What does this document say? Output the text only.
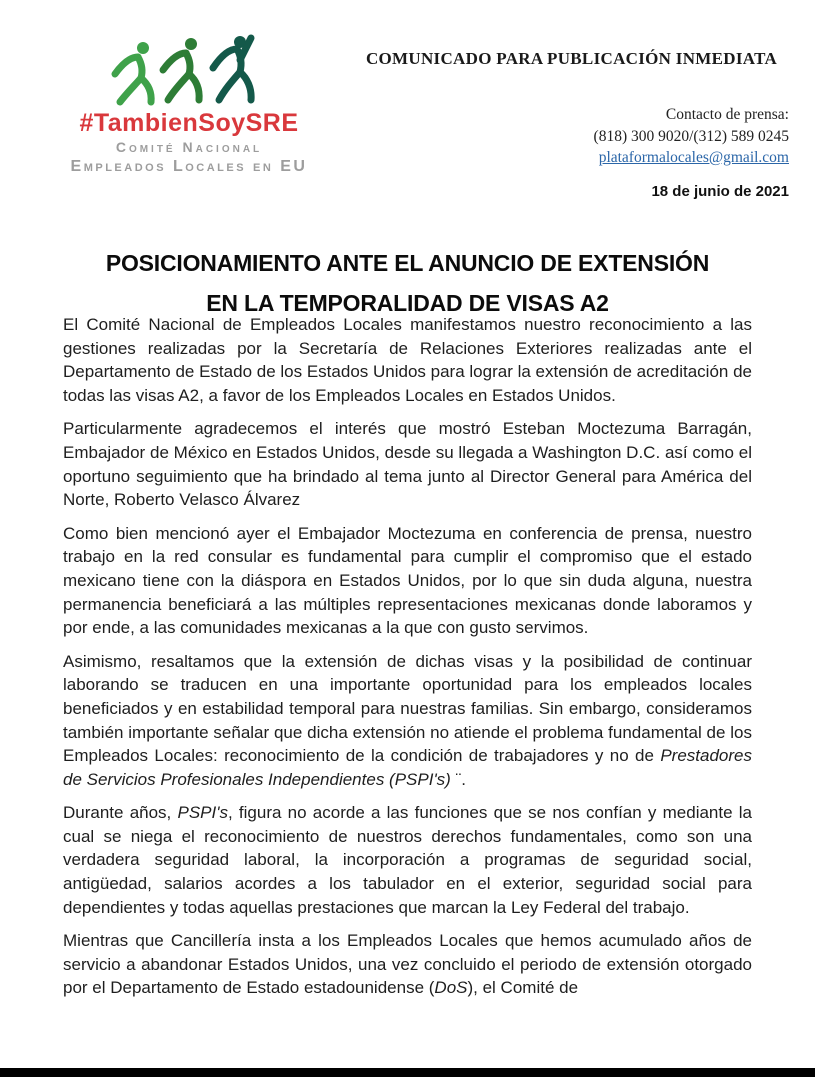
#TambienSoySRE
Comité Nacional
Empleados Locales en EU
COMUNICADO PARA PUBLICACIÓN INMEDIATA
Contacto de prensa:
(818) 300 9020/(312) 589 0245
plataformalocales@gmail.com
18 de junio de 2021
POSICIONAMIENTO ANTE EL ANUNCIO DE EXTENSIÓN
EN LA TEMPORALIDAD DE VISAS A2

El Comité Nacional de Empleados Locales manifestamos nuestro reconocimiento a las gestiones realizadas por la Secretaría de Relaciones Exteriores realizadas ante el Departamento de Estado de los Estados Unidos para lograr la extensión de acreditación de todas las visas A2, a favor de los Empleados Locales en Estados Unidos.

Particularmente agradecemos el interés que mostró Esteban Moctezuma Barragán, Embajador de México en Estados Unidos, desde su llegada a Washington D.C. así como el oportuno seguimiento que ha brindado al tema junto al Director General para América del Norte, Roberto Velasco Álvarez

Como bien mencionó ayer el Embajador Moctezuma en conferencia de prensa, nuestro trabajo en la red consular es fundamental para cumplir el compromiso que el estado mexicano tiene con la diáspora en Estados Unidos, por lo que sin duda alguna, nuestra permanencia beneficiará a las múltiples representaciones mexicanas donde laboramos y por ende, a las comunidades mexicanas a la que con gusto servimos.

Asimismo, resaltamos que la extensión de dichas visas y la posibilidad de continuar laborando se traducen en una importante oportunidad para los empleados locales beneficiados y en estabilidad temporal para nuestras familias. Sin embargo, consideramos también importante señalar que dicha extensión no atiende el problema fundamental de los Empleados Locales: reconocimiento de la condición de trabajadores y no de Prestadores de Servicios Profesionales Independientes (PSPI's) ¨.

Durante años, PSPI's, figura no acorde a las funciones que se nos confían y mediante la cual se niega el reconocimiento de nuestros derechos fundamentales, como son una verdadera seguridad laboral, la incorporación a programas de seguridad social, antigüedad, salarios acordes a los tabulador en el exterior, seguridad social para dependientes y todas aquellas prestaciones que marcan la Ley Federal del trabajo.

Mientras que Cancillería insta a los Empleados Locales que hemos acumulado años de servicio a abandonar Estados Unidos, una vez concluido el periodo de extensión otorgado por el Departamento de Estado estadounidense (DoS), el Comité de
